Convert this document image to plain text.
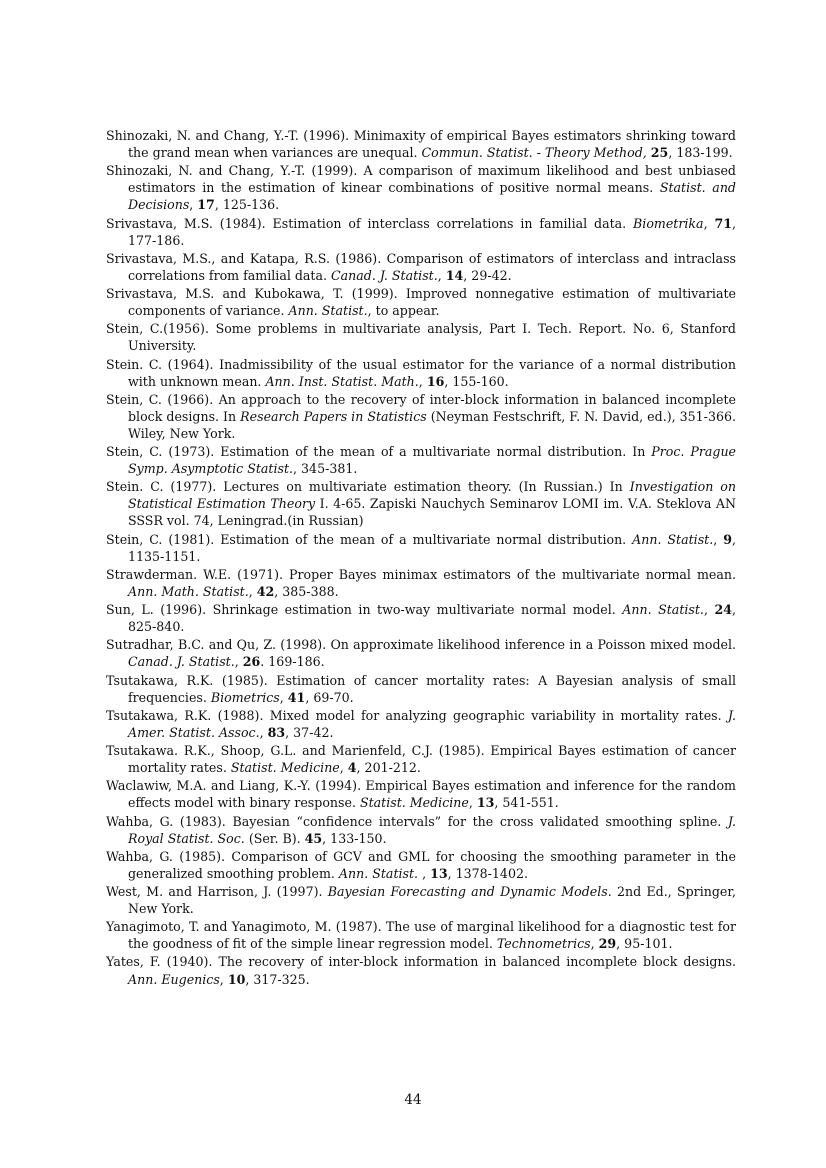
Shinozaki, N. and Chang, Y.-T. (1996). Minimaxity of empirical Bayes estimators shrinking toward the grand mean when variances are unequal. Commun. Statist. - Theory Method, 25, 183-199.
Shinozaki, N. and Chang, Y.-T. (1999). A comparison of maximum likelihood and best unbiased estimators in the estimation of kinear combinations of positive normal means. Statist. and Decisions, 17, 125-136.
Srivastava, M.S. (1984). Estimation of interclass correlations in familial data. Biometrika, 71, 177-186.
Srivastava, M.S., and Katapa, R.S. (1986). Comparison of estimators of interclass and intraclass correlations from familial data. Canad. J. Statist., 14, 29-42.
Srivastava, M.S. and Kubokawa, T. (1999). Improved nonnegative estimation of multivariate components of variance. Ann. Statist., to appear.
Stein, C.(1956). Some problems in multivariate analysis, Part I. Tech. Report. No. 6, Stanford University.
Stein. C. (1964). Inadmissibility of the usual estimator for the variance of a normal distribution with unknown mean. Ann. Inst. Statist. Math., 16, 155-160.
Stein, C. (1966). An approach to the recovery of inter-block information in balanced incomplete block designs. In Research Papers in Statistics (Neyman Festschrift, F. N. David, ed.), 351-366. Wiley, New York.
Stein, C. (1973). Estimation of the mean of a multivariate normal distribution. In Proc. Prague Symp. Asymptotic Statist., 345-381.
Stein. C. (1977). Lectures on multivariate estimation theory. (In Russian.) In Investigation on Statistical Estimation Theory I. 4-65. Zapiski Nauchych Seminarov LOMI im. V.A. Steklova AN SSSR vol. 74, Leningrad.(in Russian)
Stein, C. (1981). Estimation of the mean of a multivariate normal distribution. Ann. Statist., 9, 1135-1151.
Strawderman. W.E. (1971). Proper Bayes minimax estimators of the multivariate normal mean. Ann. Math. Statist., 42, 385-388.
Sun, L. (1996). Shrinkage estimation in two-way multivariate normal model. Ann. Statist., 24, 825-840.
Sutradhar, B.C. and Qu, Z. (1998). On approximate likelihood inference in a Poisson mixed model. Canad. J. Statist., 26. 169-186.
Tsutakawa, R.K. (1985). Estimation of cancer mortality rates: A Bayesian analysis of small frequencies. Biometrics, 41, 69-70.
Tsutakawa, R.K. (1988). Mixed model for analyzing geographic variability in mortality rates. J. Amer. Statist. Assoc., 83, 37-42.
Tsutakawa. R.K., Shoop, G.L. and Marienfeld, C.J. (1985). Empirical Bayes estimation of cancer mortality rates. Statist. Medicine, 4, 201-212.
Waclawiw, M.A. and Liang, K.-Y. (1994). Empirical Bayes estimation and inference for the random effects model with binary response. Statist. Medicine, 13, 541-551.
Wahba, G. (1983). Bayesian “confidence intervals” for the cross validated smoothing spline. J. Royal Statist. Soc. (Ser. B). 45, 133-150.
Wahba, G. (1985). Comparison of GCV and GML for choosing the smoothing parameter in the generalized smoothing problem. Ann. Statist. , 13, 1378-1402.
West, M. and Harrison, J. (1997). Bayesian Forecasting and Dynamic Models. 2nd Ed., Springer, New York.
Yanagimoto, T. and Yanagimoto, M. (1987). The use of marginal likelihood for a diagnostic test for the goodness of fit of the simple linear regression model. Technometrics, 29, 95-101.
Yates, F. (1940). The recovery of inter-block information in balanced incomplete block designs. Ann. Eugenics, 10, 317-325.
44
